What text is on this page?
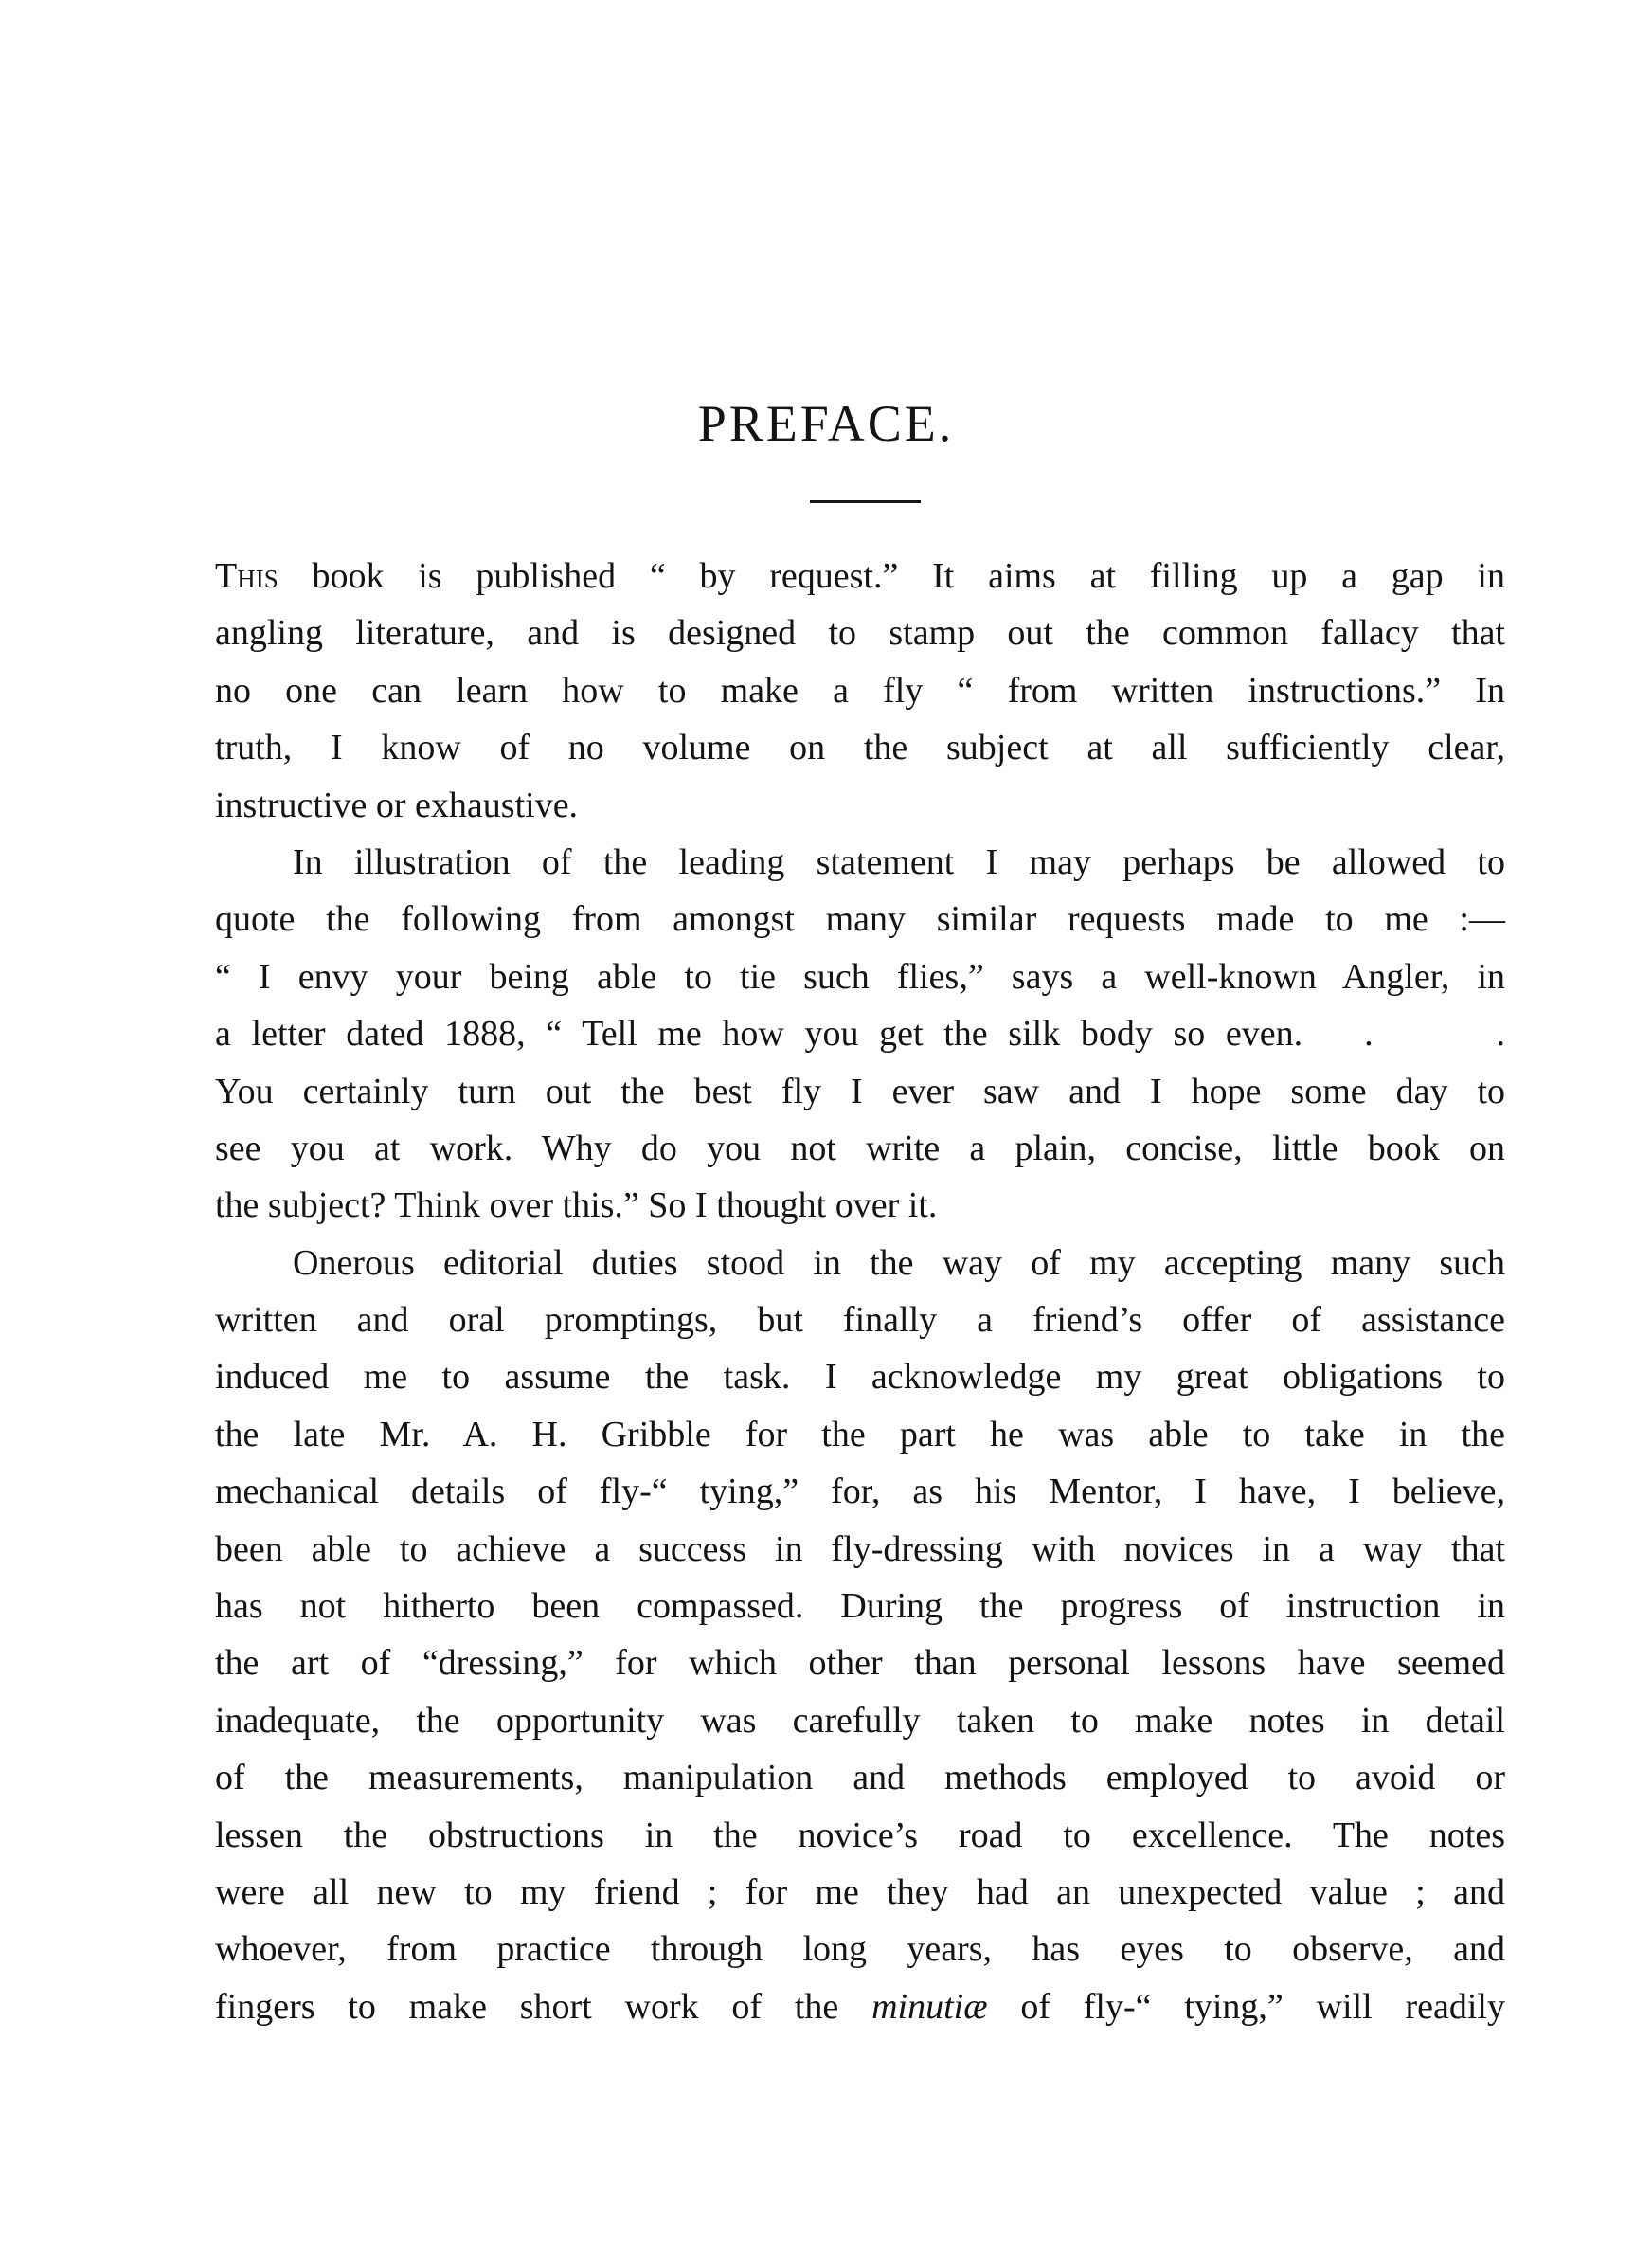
PREFACE.
This book is published “ by request.” It aims at filling up a gap in
angling literature, and is designed to stamp out the common fallacy that
no one can learn how to make a fly “ from written instructions.” In
truth, I know of no volume on the subject at all sufficiently clear,
instructive or exhaustive.
In illustration of the leading statement I may perhaps be allowed to
quote the following from amongst many similar requests made to me :—
“ I envy your being able to tie such flies,” says a well-known Angler, in
a letter dated 1888, “ Tell me how you get the silk body so even.   .      .
You certainly turn out the best fly I ever saw and I hope some day to
see you at work. Why do you not write a plain, concise, little book on
the subject? Think over this.” So I thought over it.
Onerous editorial duties stood in the way of my accepting many such
written and oral promptings, but finally a friend’s offer of assistance
induced me to assume the task. I acknowledge my great obligations to
the late Mr. A. H. Gribble for the part he was able to take in the
mechanical details of fly-“ tying,” for, as his Mentor, I have, I believe,
been able to achieve a success in fly-dressing with novices in a way that
has not hitherto been compassed. During the progress of instruction in
the art of “dressing,” for which other than personal lessons have seemed
inadequate, the opportunity was carefully taken to make notes in detail
of the measurements, manipulation and methods employed to avoid or
lessen the obstructions in the novice’s road to excellence. The notes
were all new to my friend ; for me they had an unexpected value ; and
whoever, from practice through long years, has eyes to observe, and
fingers to make short work of the minutiæ of fly-“ tying,” will readily
